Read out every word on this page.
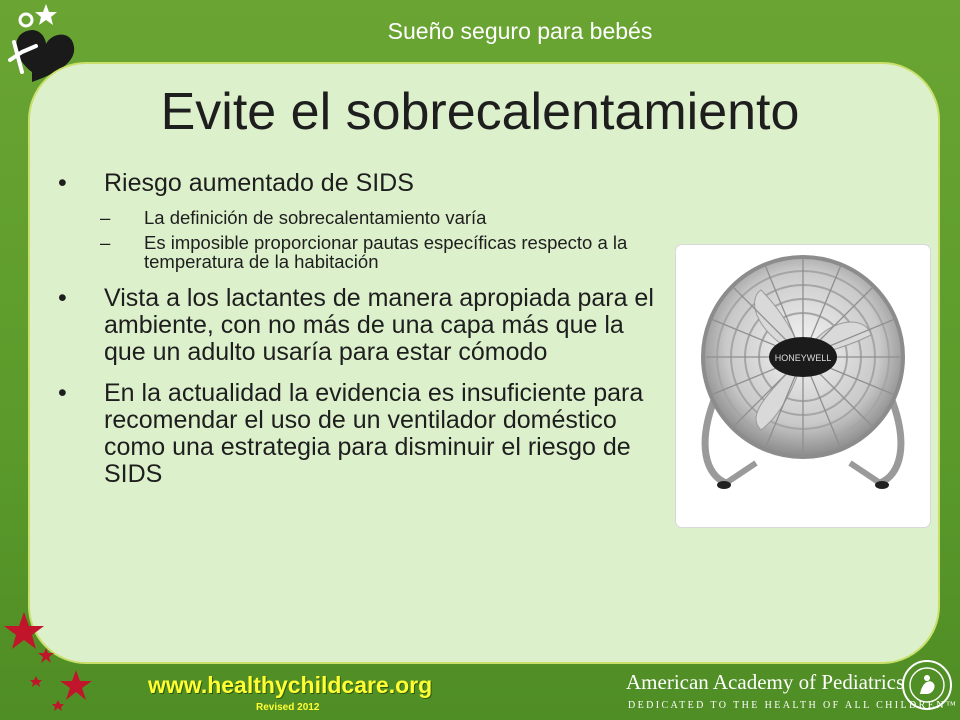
Sueño seguro para bebés
Evite el sobrecalentamiento
• Riesgo aumentado de SIDS
– La definición de sobrecalentamiento varía
– Es imposible proporcionar pautas específicas respecto a la temperatura de la habitación
• Vista a los lactantes de manera apropiada para el ambiente, con no más de una capa más que la que un adulto usaría para estar cómodo
• En la actualidad la evidencia es insuficiente para recomendar el uso de un ventilador doméstico como una estrategia para disminuir el riesgo de SIDS
HONEYWELL
www.healthychildcare.org
Revised 2012
American Academy of Pediatrics
DEDICATED TO THE HEALTH OF ALL CHILDREN™
